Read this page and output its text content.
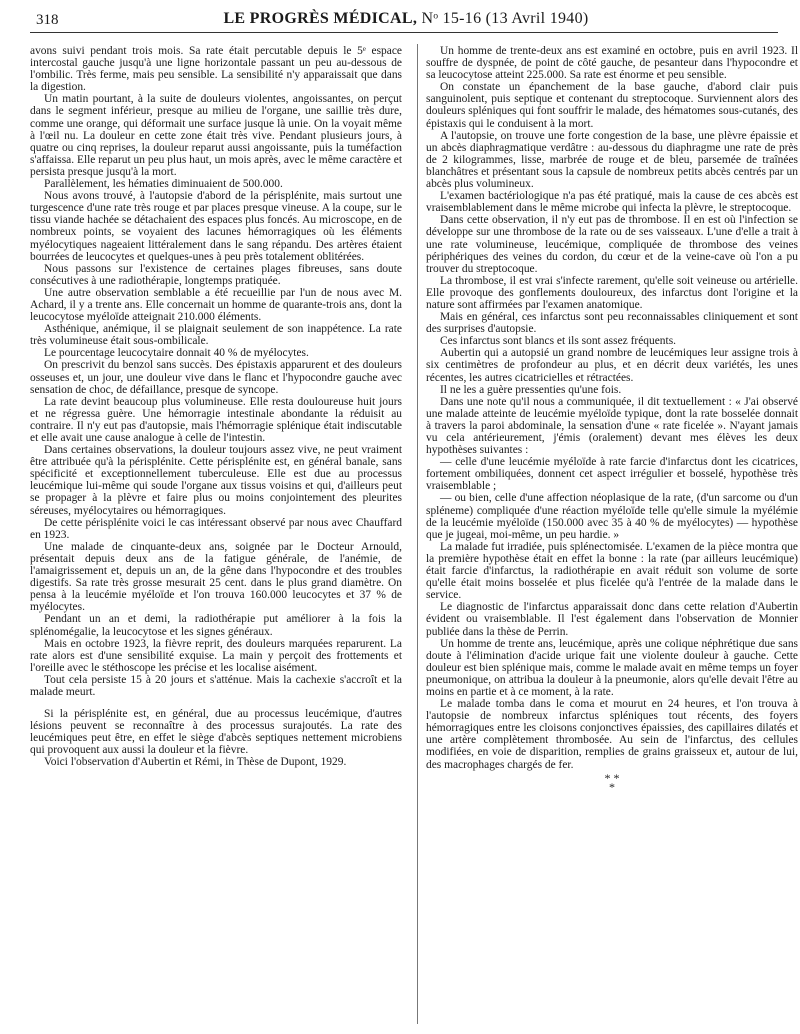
318	LE PROGRÈS MÉDICAL, Nᵒ 15-16 (13 Avril 1940)

avons suivi pendant trois mois. Sa rate était percutable depuis le 5ᵉ espace intercostal gauche jusqu'à une ligne horizontale passant un peu au-dessous de l'ombilic. Très ferme, mais peu sensible. La sensibilité n'y apparaissait que dans la digestion.

Un matin pourtant, à la suite de douleurs violentes, angoissantes, on perçut dans le segment inférieur, presque au milieu de l'organe, une saillie très dure, comme une orange, qui déformait une surface jusque là unie. On la voyait même à l'œil nu. La douleur en cette zone était très vive. Pendant plusieurs jours, à quatre ou cinq reprises, la douleur reparut aussi angoissante, puis la tuméfaction s'affaissa. Elle reparut un peu plus haut, un mois après, avec le même caractère et persista presque jusqu'à la mort.

Parallèlement, les hématies diminuaient de 500.000.

Nous avons trouvé, à l'autopsie d'abord de la périsplénite, mais surtout une turgescence d'une rate très rouge et par places presque vineuse. A la coupe, sur le tissu viande hachée se détachaient des espaces plus foncés. Au microscope, en de nombreux points, se voyaient des lacunes hémorragiques où les éléments myélocytiques nageaient littéralement dans le sang répandu. Des artères étaient bourrées de leucocytes et quelques-unes à peu près totalement oblitérées.

Nous passons sur l'existence de certaines plages fibreuses, sans doute consécutives à une radiothérapie, longtemps pratiquée.

Une autre observation semblable a été recueillie par l'un de nous avec M. Achard, il y a trente ans. Elle concernait un homme de quarante-trois ans, dont la leucocytose myéloïde atteignait 210.000 éléments.

Asthénique, anémique, il se plaignait seulement de son inappétence. La rate très volumineuse était sous-ombilicale.

Le pourcentage leucocytaire donnait 40 % de myélocytes.

On prescrivit du benzol sans succès. Des épistaxis apparurent et des douleurs osseuses et, un jour, une douleur vive dans le flanc et l'hypocondre gauche avec sensation de choc, de défaillance, presque de syncope.

La rate devint beaucoup plus volumineuse. Elle resta douloureuse huit jours et ne régressa guère. Une hémorragie intestinale abondante la réduisit au contraire. Il n'y eut pas d'autopsie, mais l'hémorragie splénique était indiscutable et elle avait une cause analogue à celle de l'intestin.

Dans certaines observations, la douleur toujours assez vive, ne peut vraiment être attribuée qu'à la périsplénite. Cette périsplénite est, en général banale, sans spécificité et exceptionnellement tuberculeuse. Elle est due au processus leucémique lui-même qui soude l'organe aux tissus voisins et qui, d'ailleurs peut se propager à la plèvre et faire plus ou moins conjointement des pleurites séreuses, myélocytaires ou hémorragiques.

De cette périsplénite voici le cas intéressant observé par nous avec Chauffard en 1923.

Une malade de cinquante-deux ans, soignée par le Docteur Arnould, présentait depuis deux ans de la fatigue générale, de l'anémie, de l'amaigrissement et, depuis un an, de la gêne dans l'hypocondre et des troubles digestifs. Sa rate très grosse mesurait 25 cent. dans le plus grand diamètre. On pensa à la leucémie myéloïde et l'on trouva 160.000 leucocytes et 37 % de myélocytes.

Pendant un an et demi, la radiothérapie put améliorer à la fois la splénomégalie, la leucocytose et les signes généraux.

Mais en octobre 1923, la fièvre reprit, des douleurs marquées reparurent. La rate alors est d'une sensibilité exquise. La main y perçoit des frottements et l'oreille avec le stéthoscope les précise et les localise aisément.

Tout cela persiste 15 à 20 jours et s'atténue. Mais la cachexie s'accroît et la malade meurt.

Si la périsplénite est, en général, due au processus leucémique, d'autres lésions peuvent se reconnaître à des processus surajoutés. La rate des leucémiques peut être, en effet le siège d'abcès septiques nettement microbiens qui provoquent aux aussi la douleur et la fièvre.

Voici l'observation d'Aubertin et Rémi, in Thèse de Dupont, 1929.

Un homme de trente-deux ans est examiné en octobre, puis en avril 1923. Il souffre de dyspnée, de point de côté gauche, de pesanteur dans l'hypocondre et sa leucocytose atteint 225.000. Sa rate est énorme et peu sensible.

On constate un épanchement de la base gauche, d'abord clair puis sanguinolent, puis septique et contenant du streptocoque. Surviennent alors des douleurs spléniques qui font souffrir le malade, des hématomes sous-cutanés, des épistaxis qui le conduisent à la mort.

A l'autopsie, on trouve une forte congestion de la base, une plèvre épaissie et un abcès diaphragmatique verdâtre : au-dessous du diaphragme une rate de près de 2 kilogrammes, lisse, marbrée de rouge et de bleu, parsemée de traînées blanchâtres et présentant sous la capsule de nombreux petits abcès centrés par un abcès plus volumineux.

L'examen bactériologique n'a pas été pratiqué, mais la cause de ces abcès est vraisemblablement dans le même microbe qui infecta la plèvre, le streptocoque.

Dans cette observation, il n'y eut pas de thrombose. Il en est où l'infection se développe sur une thrombose de la rate ou de ses vaisseaux. L'une d'elle a trait à une rate volumineuse, leucémique, compliquée de thrombose des veines périphériques des veines du cordon, du cœur et de la veine-cave où l'on a pu trouver du streptocoque.

La thrombose, il est vrai s'infecte rarement, qu'elle soit veineuse ou artérielle. Elle provoque des gonflements douloureux, des infarctus dont l'origine et la nature sont affirmées par l'examen anatomique.

Mais en général, ces infarctus sont peu reconnaissables cliniquement et sont des surprises d'autopsie.

Ces infarctus sont blancs et ils sont assez fréquents.

Aubertin qui a autopsié un grand nombre de leucémiques leur assigne trois à six centimètres de profondeur au plus, et en décrit deux variétés, les unes récentes, les autres cicatricielles et rétractées.

Il ne les a guère pressenties qu'une fois.

Dans une note qu'il nous a communiquée, il dit textuellement : « J'ai observé une malade atteinte de leucémie myéloïde typique, dont la rate bosselée donnait à travers la paroi abdominale, la sensation d'une « rate ficelée ». N'ayant jamais vu cela antérieurement, j'émis (oralement) devant mes élèves les deux hypothèses suivantes :

— celle d'une leucémie myéloïde à rate farcie d'infarctus dont les cicatrices, fortement ombiliquées, donnent cet aspect irrégulier et bosselé, hypothèse très vraisemblable ;

— ou bien, celle d'une affection néoplasique de la rate, (d'un sarcome ou d'un spléneme) compliquée d'une réaction myéloïde telle qu'elle simule la myélémie de la leucémie myéloïde (150.000 avec 35 à 40 % de myélocytes) — hypothèse que je jugeai, moi-même, un peu hardie. »

La malade fut irradiée, puis splénectomisée. L'examen de la pièce montra que la première hypothèse était en effet la bonne : la rate (par ailleurs leucémique) était farcie d'infarctus, la radiothérapie en avait réduit son volume de sorte qu'elle était moins bosselée et plus ficelée qu'à l'entrée de la malade dans le service.

Le diagnostic de l'infarctus apparaissait donc dans cette relation d'Aubertin évident ou vraisemblable. Il l'est également dans l'observation de Monnier publiée dans la thèse de Perrin.

Un homme de trente ans, leucémique, après une colique néphrétique due sans doute à l'élimination d'acide urique fait une violente douleur à gauche. Cette douleur est bien splénique mais, comme le malade avait en même temps un foyer pneumonique, on attribua la douleur à la pneumonie, alors qu'elle devait l'être au moins en partie et à ce moment, à la rate.

Le malade tomba dans le coma et mourut en 24 heures, et l'on trouva à l'autopsie de nombreux infarctus spléniques tout récents, des foyers hémorragiques entre les cloisons conjonctives épaissies, des capillaires dilatés et une artère complètement thrombosée. Au sein de l'infarctus, des cellules modifiées, en voie de disparition, remplies de grains graisseux et, autour de lui, des macrophages chargés de fer.

* *
*
